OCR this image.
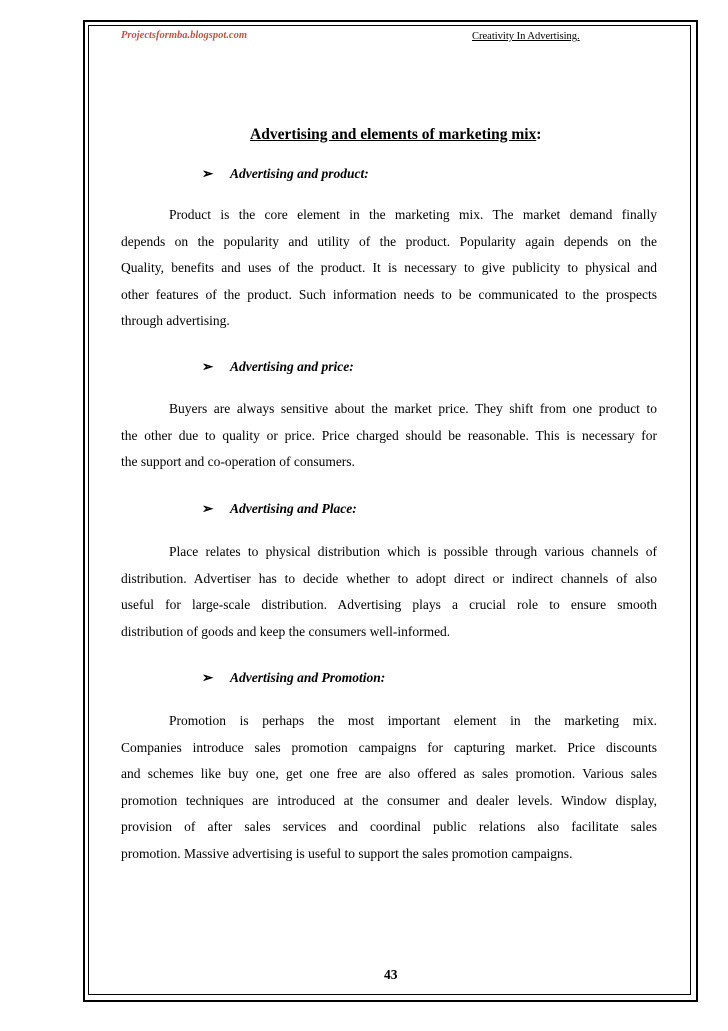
Projectsformba.blogspot.com	Creativity In Advertising.
Advertising and elements of marketing mix:
➢ Advertising and product:
Product is the core element in the marketing mix. The market demand finally
depends on the popularity and utility of the product. Popularity again depends on the
Quality, benefits and uses of the product. It is necessary to give publicity to physical and
other features of the product. Such information needs to be communicated to the prospects
through advertising.
➢ Advertising and price:
Buyers are always sensitive about the market price. They shift from one product to
the other due to quality or price. Price charged should be reasonable. This is necessary for
the support and co-operation of consumers.
➢ Advertising and Place:
Place relates to physical distribution which is possible through various channels of
distribution. Advertiser has to decide whether to adopt direct or indirect channels of also
useful for large-scale distribution. Advertising plays a crucial role to ensure smooth
distribution of goods and keep the consumers well-informed.
➢ Advertising and Promotion:
Promotion is perhaps the most important element in the marketing mix.
Companies introduce sales promotion campaigns for capturing market. Price discounts
and schemes like buy one, get one free are also offered as sales promotion. Various sales
promotion techniques are introduced at the consumer and dealer levels. Window display,
provision of after sales services and coordinal public relations also facilitate sales
promotion. Massive advertising is useful to support the sales promotion campaigns.
43
